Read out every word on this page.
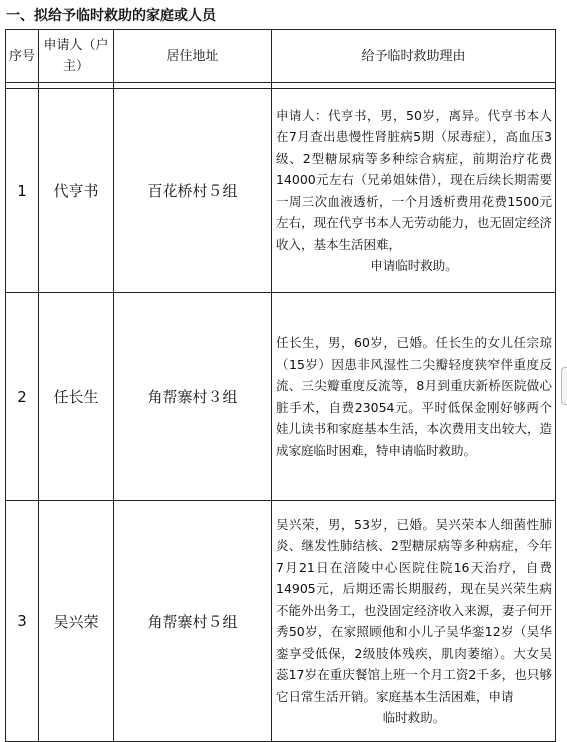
一、拟给予临时救助的家庭或人员
序号	申请人（户主）	居住地址	给予临时救助理由

1	代亨书	百花桥村５组	申请人：代亨书，男，50岁，离异。代亨书本人在7月查出患慢性肾脏病5期（尿毒症），高血压3级、2型糖尿病等多种综合病症，前期治疗花费14000元左右（兄弟姐妹借），现在后续长期需要一周三次血液透析，一个月透析费用花费1500元左右，现在代亨书本人无劳动能力，也无固定经济收入，基本生活困难，
申请临时救助。

2	任长生	角帮寨村３组	任长生，男，60岁，已婚。任长生的女儿任宗琼（15岁）因患非风湿性二尖瓣轻度狭窄伴重度反流、三尖瓣重度反流等，8月到重庆新桥医院做心脏手术，自费23054元。平时低保金刚好够两个娃儿读书和家庭基本生活，本次费用支出较大，造成家庭临时困难，特申请临时救助。
3	吴兴荣	角帮寨村５组	吴兴荣，男，53岁，已婚。吴兴荣本人细菌性肺炎、继发性肺结核、2型糖尿病等多种病症，今年7月21日在涪陵中心医院住院16天治疗，自费14905元，后期还需长期服药，现在吴兴荣生病不能外出务工，也没固定经济收入来源，妻子何开秀50岁，在家照顾他和小儿子吴华銮12岁（吴华銮享受低保，2级肢体残疾，肌肉萎缩）。大女吴蕊17岁在重庆餐馆上班一个月工资2千多，也只够它日常生活开销。家庭基本生活困难，申请
临时救助。
